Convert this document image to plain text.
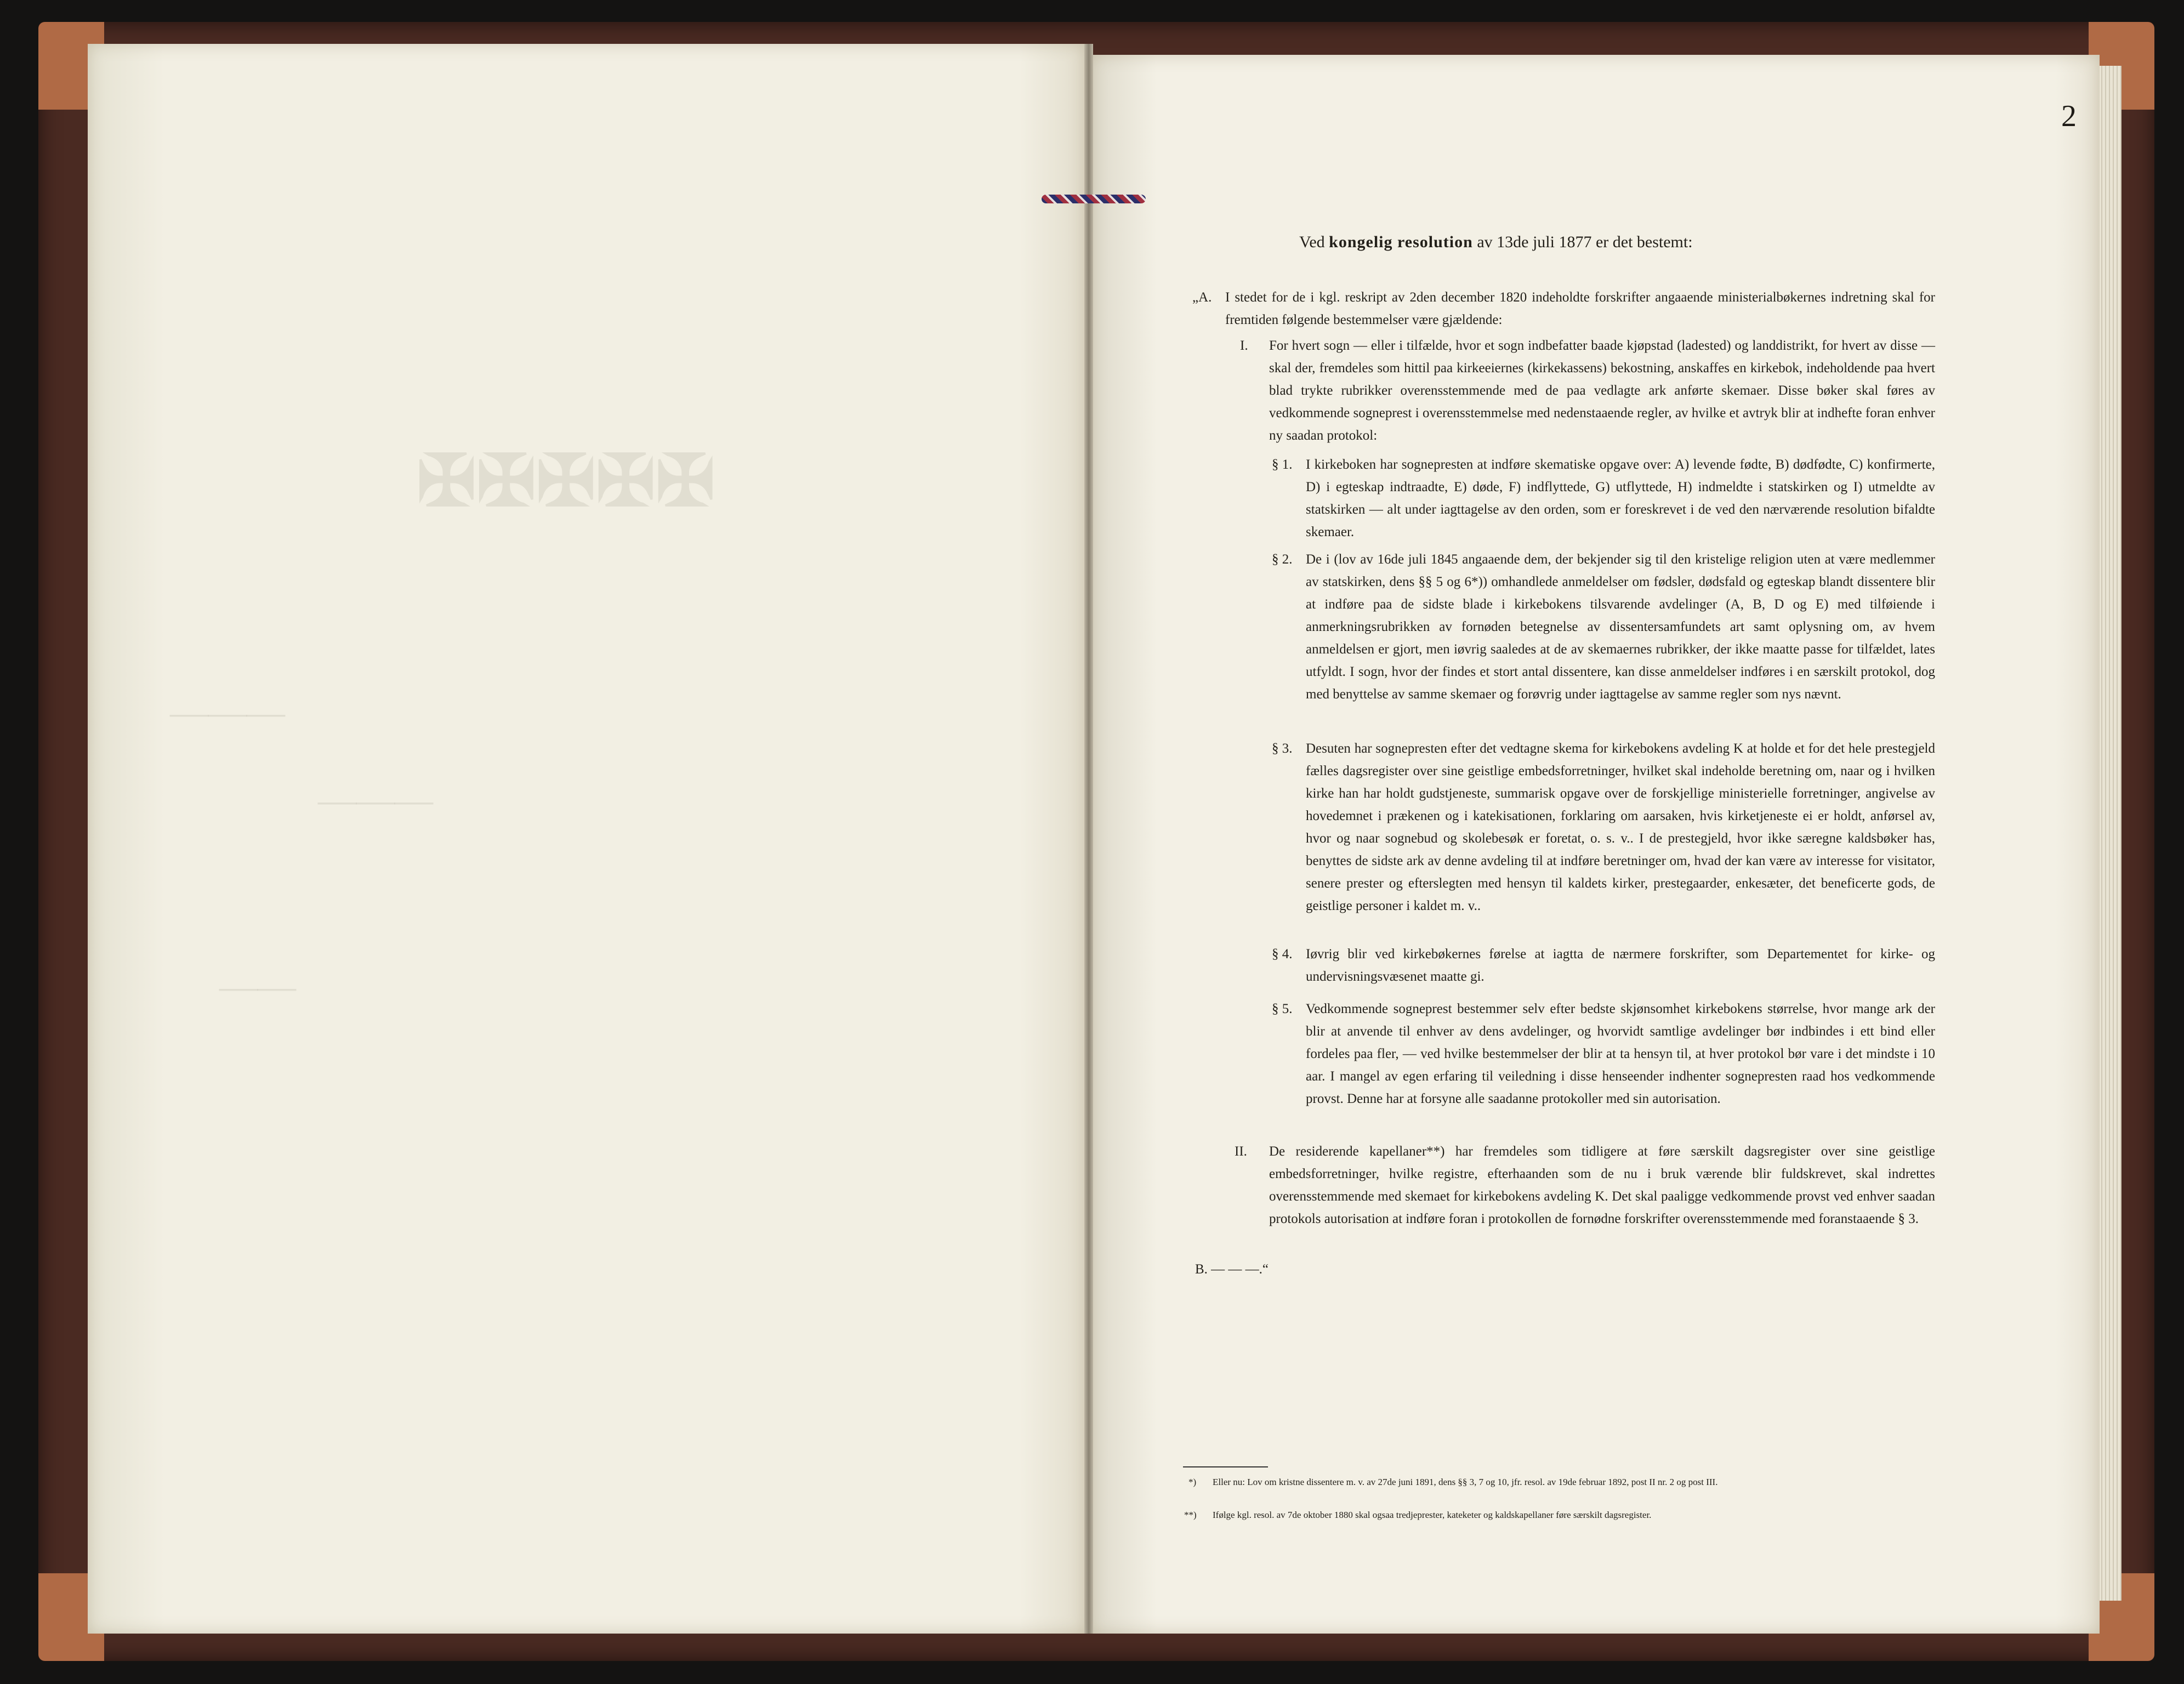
✠✠✠✠✠
———
———
——
2
Ved kongelig resolution av 13de juli 1877 er det bestemt:

„A. I stedet for de i kgl. reskript av 2den december 1820 indeholdte forskrifter angaaende ministerialbøkernes indretning skal for fremtiden følgende bestemmelser være gjældende:

I. For hvert sogn — eller i tilfælde, hvor et sogn indbefatter baade kjøpstad (ladested) og landdistrikt, for hvert av disse — skal der, fremdeles som hittil paa kirkeeiernes (kirkekassens) bekostning, anskaffes en kirkebok, indeholdende paa hvert blad trykte rubrikker overensstemmende med de paa vedlagte ark anførte skemaer. Disse bøker skal føres av vedkommende sogneprest i overensstemmelse med nedenstaaende regler, av hvilke et avtryk blir at indhefte foran enhver ny saadan protokol:

§ 1. I kirkeboken har sognepresten at indføre skematiske opgave over: A) levende fødte, B) dødfødte, C) konfirmerte, D) i egteskap indtraadte, E) døde, F) indflyttede, G) utflyttede, H) indmeldte i statskirken og I) utmeldte av statskirken — alt under iagttagelse av den orden, som er foreskrevet i de ved den nærværende resolution bifaldte skemaer.

§ 2. De i (lov av 16de juli 1845 angaaende dem, der bekjender sig til den kristelige religion uten at være medlemmer av statskirken, dens §§ 5 og 6*)) omhandlede anmeldelser om fødsler, dødsfald og egteskap blandt dissentere blir at indføre paa de sidste blade i kirkebokens tilsvarende avdelinger (A, B, D og E) med tilføiende i anmerkningsrubrikken av fornøden betegnelse av dissentersamfundets art samt oplysning om, av hvem anmeldelsen er gjort, men iøvrig saaledes at de av skemaernes rubrikker, der ikke maatte passe for tilfældet, lates utfyldt. I sogn, hvor der findes et stort antal dissentere, kan disse anmeldelser indføres i en særskilt protokol, dog med benyttelse av samme skemaer og forøvrig under iagttagelse av samme regler som nys nævnt.

§ 3. Desuten har sognepresten efter det vedtagne skema for kirkebokens avdeling K at holde et for det hele prestegjeld fælles dagsregister over sine geistlige embedsforretninger, hvilket skal indeholde beretning om, naar og i hvilken kirke han har holdt gudstjeneste, summarisk opgave over de forskjellige ministerielle forretninger, angivelse av hovedemnet i prækenen og i katekisationen, forklaring om aarsaken, hvis kirketjeneste ei er holdt, anførsel av, hvor og naar sognebud og skolebesøk er foretat, o. s. v.. I de prestegjeld, hvor ikke særegne kaldsbøker has, benyttes de sidste ark av denne avdeling til at indføre beretninger om, hvad der kan være av interesse for visitator, senere prester og efterslegten med hensyn til kaldets kirker, prestegaarder, enkesæter, det beneficerte gods, de geistlige personer i kaldet m. v..

§ 4. Iøvrig blir ved kirkebøkernes førelse at iagtta de nærmere forskrifter, som Departementet for kirke- og undervisningsvæsenet maatte gi.

§ 5. Vedkommende sogneprest bestemmer selv efter bedste skjønsomhet kirkebokens størrelse, hvor mange ark der blir at anvende til enhver av dens avdelinger, og hvorvidt samtlige avdelinger bør indbindes i ett bind eller fordeles paa fler, — ved hvilke bestemmelser der blir at ta hensyn til, at hver protokol bør vare i det mindste i 10 aar. I mangel av egen erfaring til veiledning i disse henseender indhenter sognepresten raad hos vedkommende provst. Denne har at forsyne alle saadanne protokoller med sin autorisation.

II. De residerende kapellaner**) har fremdeles som tidligere at føre særskilt dagsregister over sine geistlige embedsforretninger, hvilke registre, efterhaanden som de nu i bruk værende blir fuldskrevet, skal indrettes overensstemmende med skemaet for kirkebokens avdeling K. Det skal paaligge vedkommende provst ved enhver saadan protokols autorisation at indføre foran i protokollen de fornødne forskrifter overensstemmende med foranstaaende § 3.

B. — — —.“

*) Eller nu: Lov om kristne dissentere m. v. av 27de juni 1891, dens §§ 3, 7 og 10, jfr. resol. av 19de februar 1892, post II nr. 2 og post III.

**) Ifølge kgl. resol. av 7de oktober 1880 skal ogsaa tredjeprester, kateketer og kaldskapellaner føre særskilt dagsregister.
